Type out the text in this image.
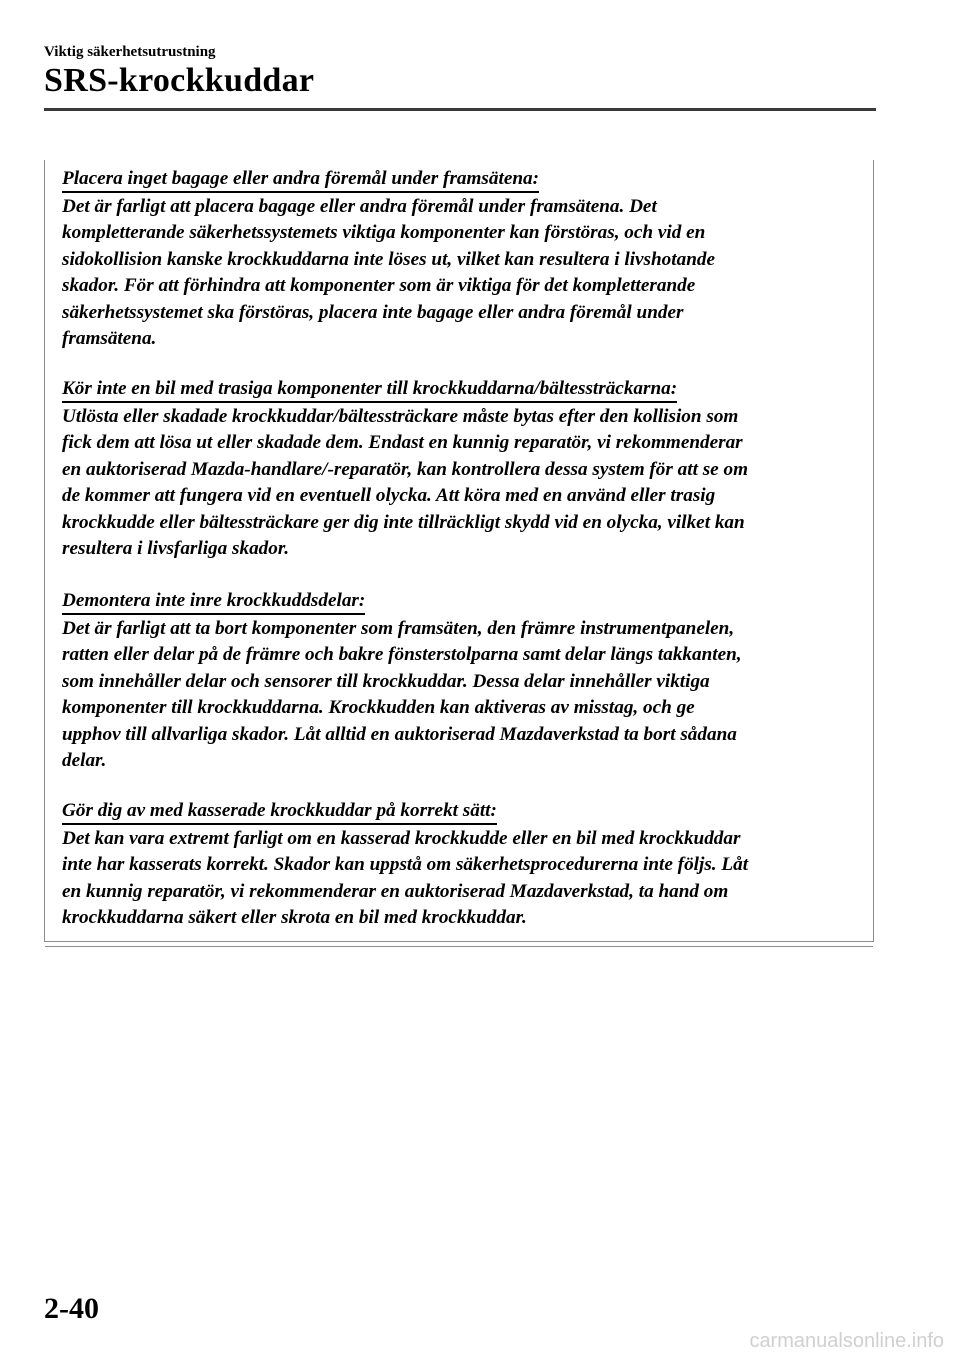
Viktig säkerhetsutrustning
SRS-krockkuddar
Placera inget bagage eller andra föremål under framsätena:
Det är farligt att placera bagage eller andra föremål under framsätena. Det
kompletterande säkerhetssystemets viktiga komponenter kan förstöras, och vid en
sidokollision kanske krockkuddarna inte löses ut, vilket kan resultera i livshotande
skador. För att förhindra att komponenter som är viktiga för det kompletterande
säkerhetssystemet ska förstöras, placera inte bagage eller andra föremål under
framsätena.
Kör inte en bil med trasiga komponenter till krockkuddarna/bältessträckarna:
Utlösta eller skadade krockkuddar/bältessträckare måste bytas efter den kollision som
fick dem att lösa ut eller skadade dem. Endast en kunnig reparatör, vi rekommenderar
en auktoriserad Mazda-handlare/-reparatör, kan kontrollera dessa system för att se om
de kommer att fungera vid en eventuell olycka. Att köra med en använd eller trasig
krockkudde eller bältessträckare ger dig inte tillräckligt skydd vid en olycka, vilket kan
resultera i livsfarliga skador.
Demontera inte inre krockkuddsdelar:
Det är farligt att ta bort komponenter som framsäten, den främre instrumentpanelen,
ratten eller delar på de främre och bakre fönsterstolparna samt delar längs takkanten,
som innehåller delar och sensorer till krockkuddar. Dessa delar innehåller viktiga
komponenter till krockkuddarna. Krockkudden kan aktiveras av misstag, och ge
upphov till allvarliga skador. Låt alltid en auktoriserad Mazdaverkstad ta bort sådana
delar.
Gör dig av med kasserade krockkuddar på korrekt sätt:
Det kan vara extremt farligt om en kasserad krockkudde eller en bil med krockkuddar
inte har kasserats korrekt. Skador kan uppstå om säkerhetsprocedurerna inte följs. Låt
en kunnig reparatör, vi rekommenderar en auktoriserad Mazdaverkstad, ta hand om
krockkuddarna säkert eller skrota en bil med krockkuddar.
2-40
carmanualsonline.info
